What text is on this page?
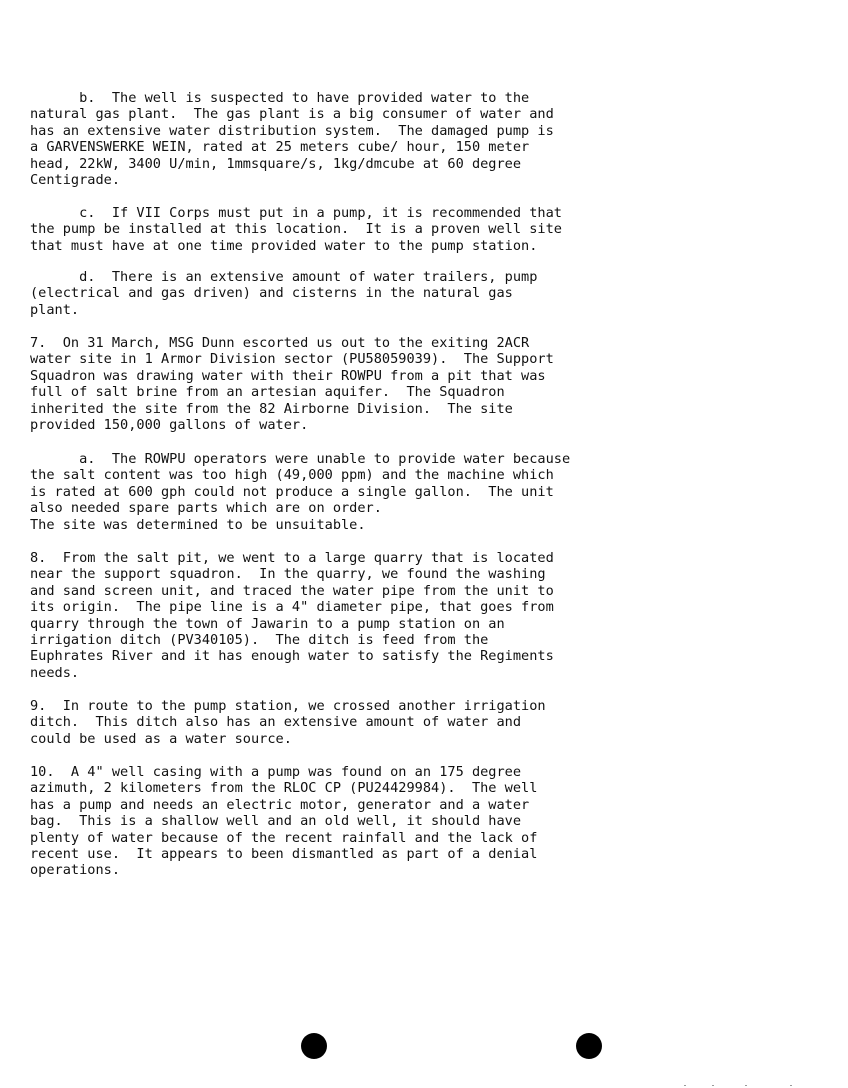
b.  The well is suspected to have provided water to the
natural gas plant.  The gas plant is a big consumer of water and
has an extensive water distribution system.  The damaged pump is
a GARVENSWERKE WEIN, rated at 25 meters cube/ hour, 150 meter
head, 22kW, 3400 U/min, 1mmsquare/s, 1kg/dmcube at 60 degree
Centigrade.

c.  If VII Corps must put in a pump, it is recommended that
the pump be installed at this location.  It is a proven well site
that must have at one time provided water to the pump station.

d.  There is an extensive amount of water trailers, pump
(electrical and gas driven) and cisterns in the natural gas
plant.

7.  On 31 March, MSG Dunn escorted us out to the exiting 2ACR
water site in 1 Armor Division sector (PU58059039).  The Support
Squadron was drawing water with their ROWPU from a pit that was
full of salt brine from an artesian aquifer.  The Squadron
inherited the site from the 82 Airborne Division.  The site
provided 150,000 gallons of water.

a.  The ROWPU operators were unable to provide water because
the salt content was too high (49,000 ppm) and the machine which
is rated at 600 gph could not produce a single gallon.  The unit
also needed spare parts which are on order.
The site was determined to be unsuitable.

8.  From the salt pit, we went to a large quarry that is located
near the support squadron.  In the quarry, we found the washing
and sand screen unit, and traced the water pipe from the unit to
its origin.  The pipe line is a 4" diameter pipe, that goes from
quarry through the town of Jawarin to a pump station on an
irrigation ditch (PV340105).  The ditch is feed from the
Euphrates River and it has enough water to satisfy the Regiments
needs.

9.  In route to the pump station, we crossed another irrigation
ditch.  This ditch also has an extensive amount of water and
could be used as a water source.

10.  A 4" well casing with a pump was found on an 175 degree
azimuth, 2 kilometers from the RLOC CP (PU24429984).  The well
has a pump and needs an electric motor, generator and a water
bag.  This is a shallow well and an old well, it should have
plenty of water because of the recent rainfall and the lack of
recent use.  It appears to been dismantled as part of a denial
operations.
